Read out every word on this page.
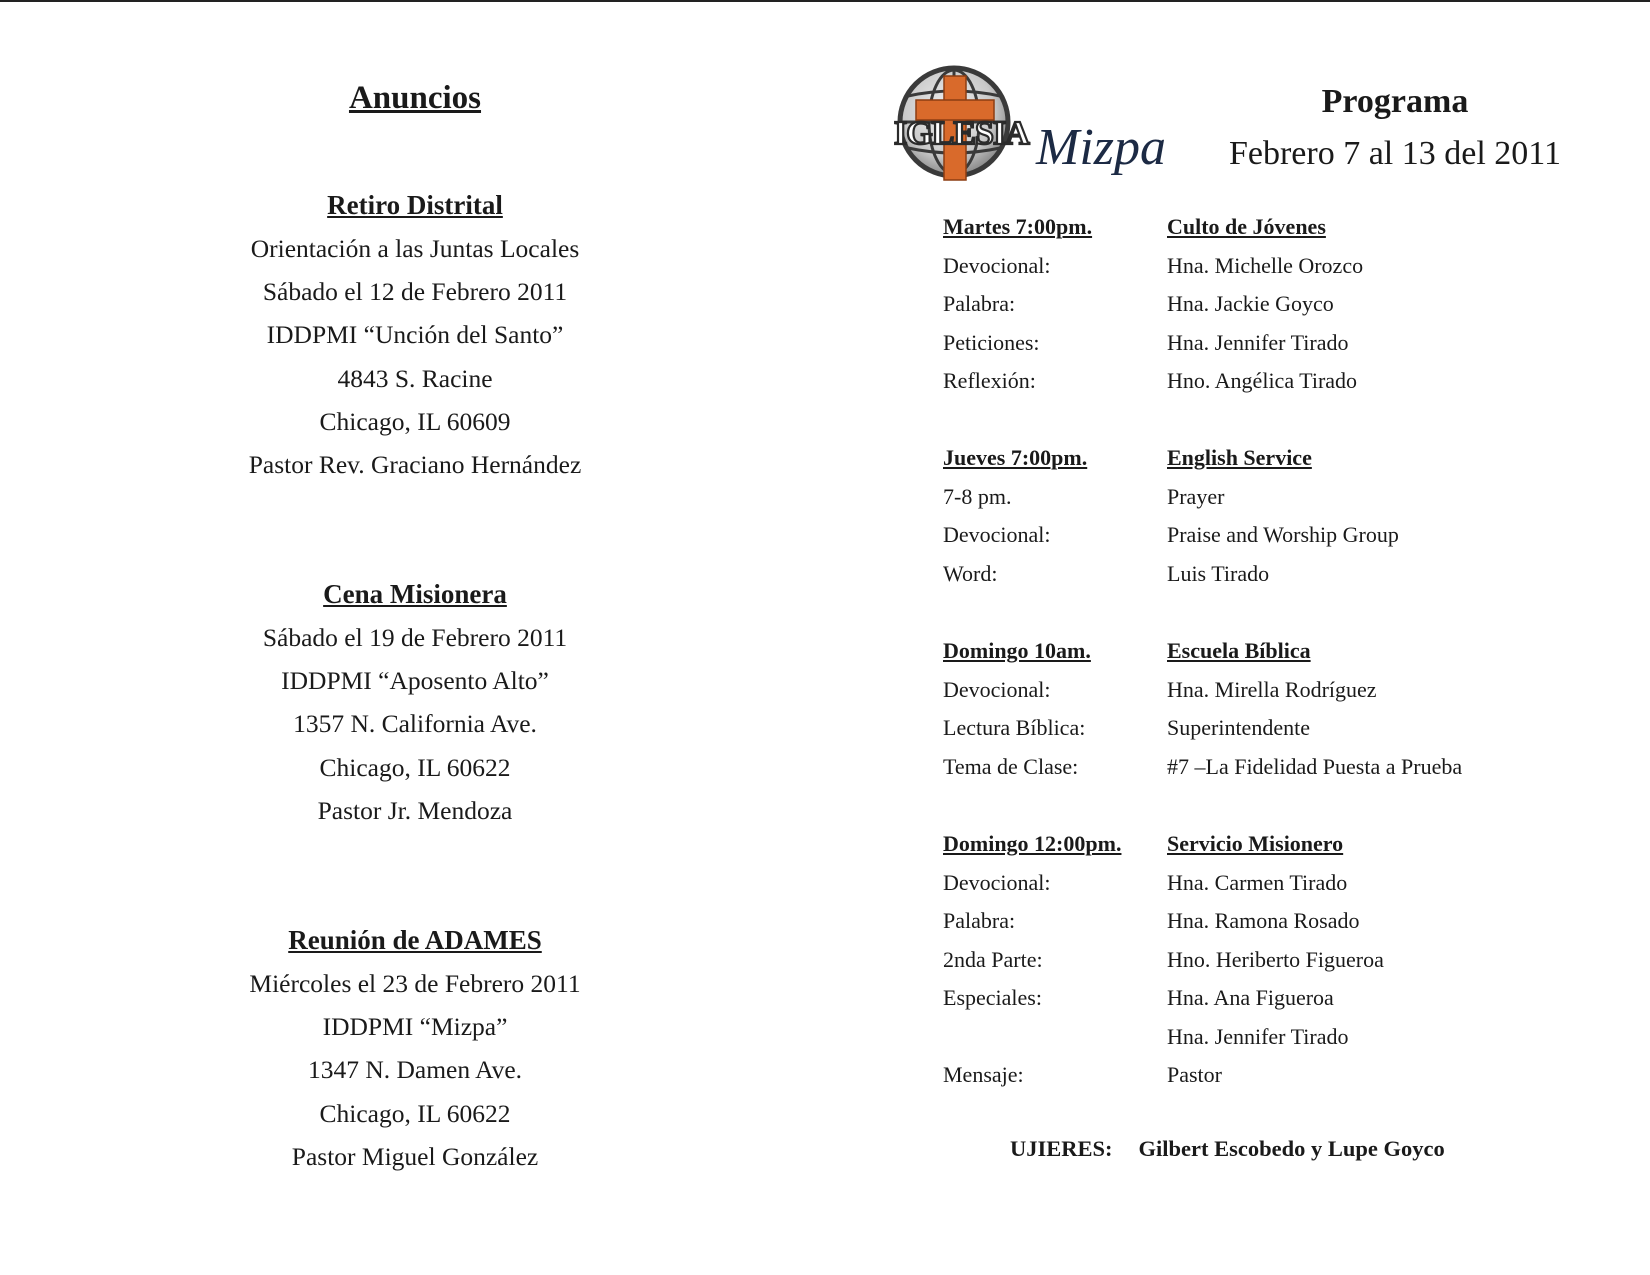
Anuncios
Retiro Distrital
Orientación a las Juntas Locales
Sábado el 12 de Febrero 2011
IDDPMI “Unción del Santo”
4843 S. Racine
Chicago, IL 60609
Pastor Rev. Graciano Hernández
Cena Misionera
Sábado el 19 de Febrero 2011
IDDPMI “Aposento Alto”
1357 N. California Ave.
Chicago, IL 60622
Pastor Jr. Mendoza
Reunión de ADAMES
Miércoles el 23 de Febrero 2011
IDDPMI “Mizpa”
1347 N. Damen Ave.
Chicago, IL 60622
Pastor Miguel González
IGLESIA Mizpa
Programa
Febrero 7 al 13 del 2011
Martes 7:00pm.	Culto de Jóvenes
Devocional:	Hna. Michelle Orozco
Palabra:	Hna. Jackie Goyco
Peticiones:	Hna. Jennifer Tirado
Reflexión:	Hno. Angélica Tirado
Jueves 7:00pm.	English Service
7-8 pm.	Prayer
Devocional:	Praise and Worship Group
Word:	Luis Tirado
Domingo 10am.	Escuela Bíblica
Devocional:	Hna. Mirella Rodríguez
Lectura Bíblica:	Superintendente
Tema de Clase:	#7 –La Fidelidad Puesta a Prueba
Domingo 12:00pm. Servicio Misionero
Devocional:	Hna. Carmen Tirado
Palabra:	Hna. Ramona Rosado
2nda Parte:	Hno. Heriberto Figueroa
Especiales:	Hna. Ana Figueroa
Hna. Jennifer Tirado
Mensaje:	Pastor
UJIERES: Gilbert Escobedo y Lupe Goyco
